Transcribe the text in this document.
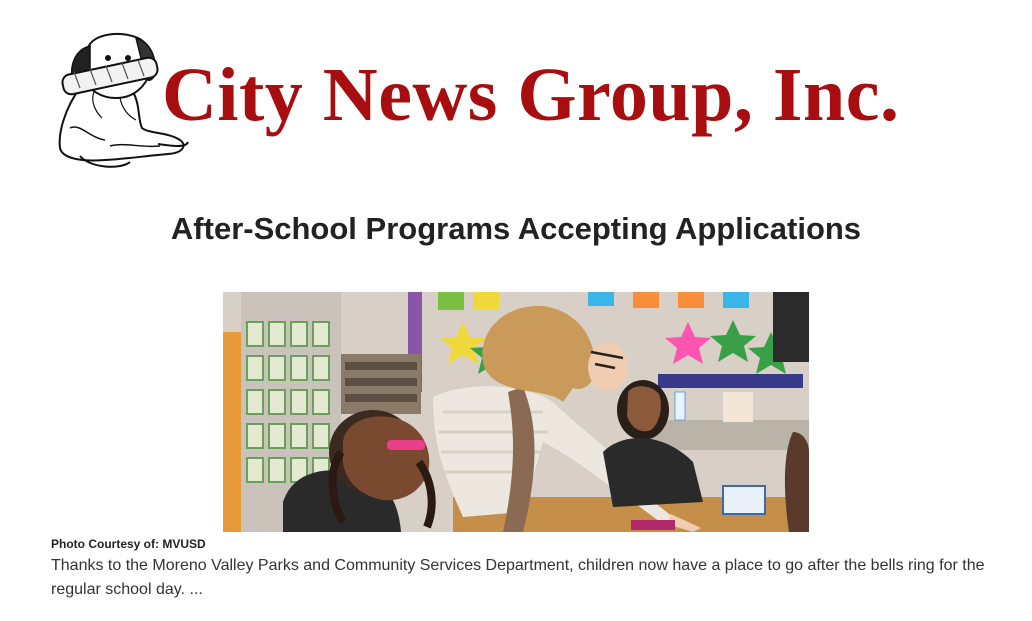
City News Group, Inc.
After-School Programs Accepting Applications
Photo Courtesy of: MVUSD
Thanks to the Moreno Valley Parks and Community Services Department, children now have a place to go after the bells ring for the regular school day. ...
